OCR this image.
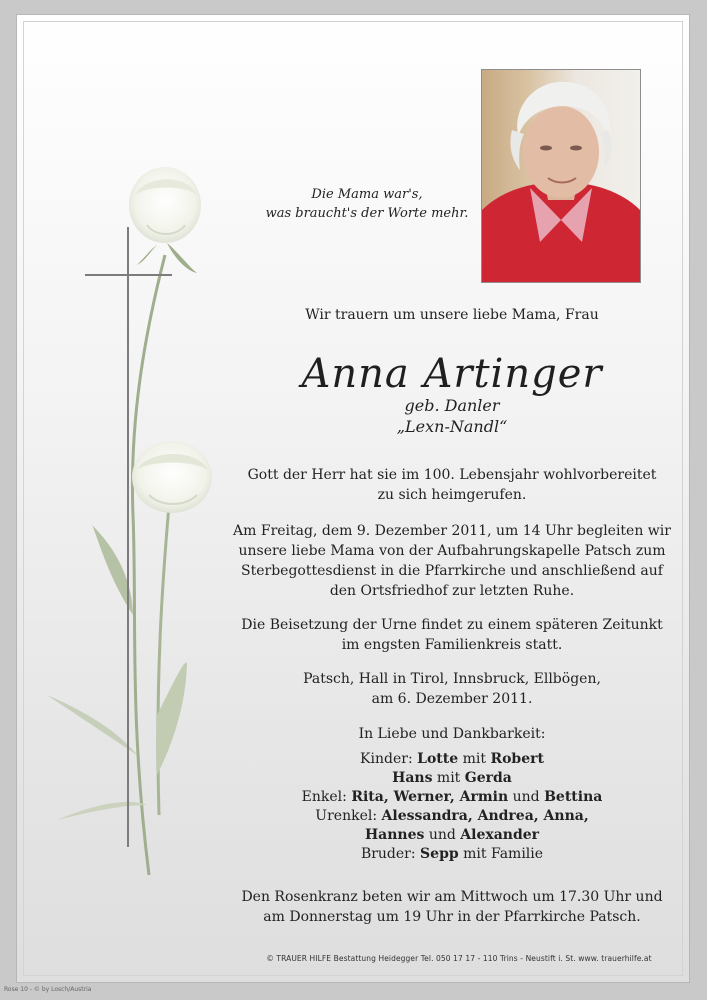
Die Mama war's,
was braucht's der Worte mehr.
Wir trauern um unsere liebe Mama, Frau
Anna Artinger
geb. Danler
„Lexn-Nandl“
Gott der Herr hat sie im 100. Lebensjahr wohlvorbereitet
zu sich heimgerufen.
Am Freitag, dem 9. Dezember 2011, um 14 Uhr begleiten wir
unsere liebe Mama von der Aufbahrungskapelle Patsch zum
Sterbegottesdienst in die Pfarrkirche und anschließend auf
den Ortsfriedhof zur letzten Ruhe.
Die Beisetzung der Urne findet zu einem späteren Zeitunkt
im engsten Familienkreis statt.
Patsch, Hall in Tirol, Innsbruck, Ellbögen,
am 6. Dezember 2011.
In Liebe und Dankbarkeit:
Kinder: Lotte mit Robert
Hans mit Gerda
Enkel: Rita, Werner, Armin und Bettina
Urenkel: Alessandra, Andrea, Anna,
Hannes und Alexander
Bruder: Sepp mit Familie
Den Rosenkranz beten wir am Mittwoch um 17.30 Uhr und
am Donnerstag um 19 Uhr in der Pfarrkirche Patsch.
© TRAUER HILFE Bestattung Heidegger Tel. 050 17 17 - 110 Trins - Neustift i. St. www. trauerhilfe.at
Rose 10 - © by Losch/Austria
